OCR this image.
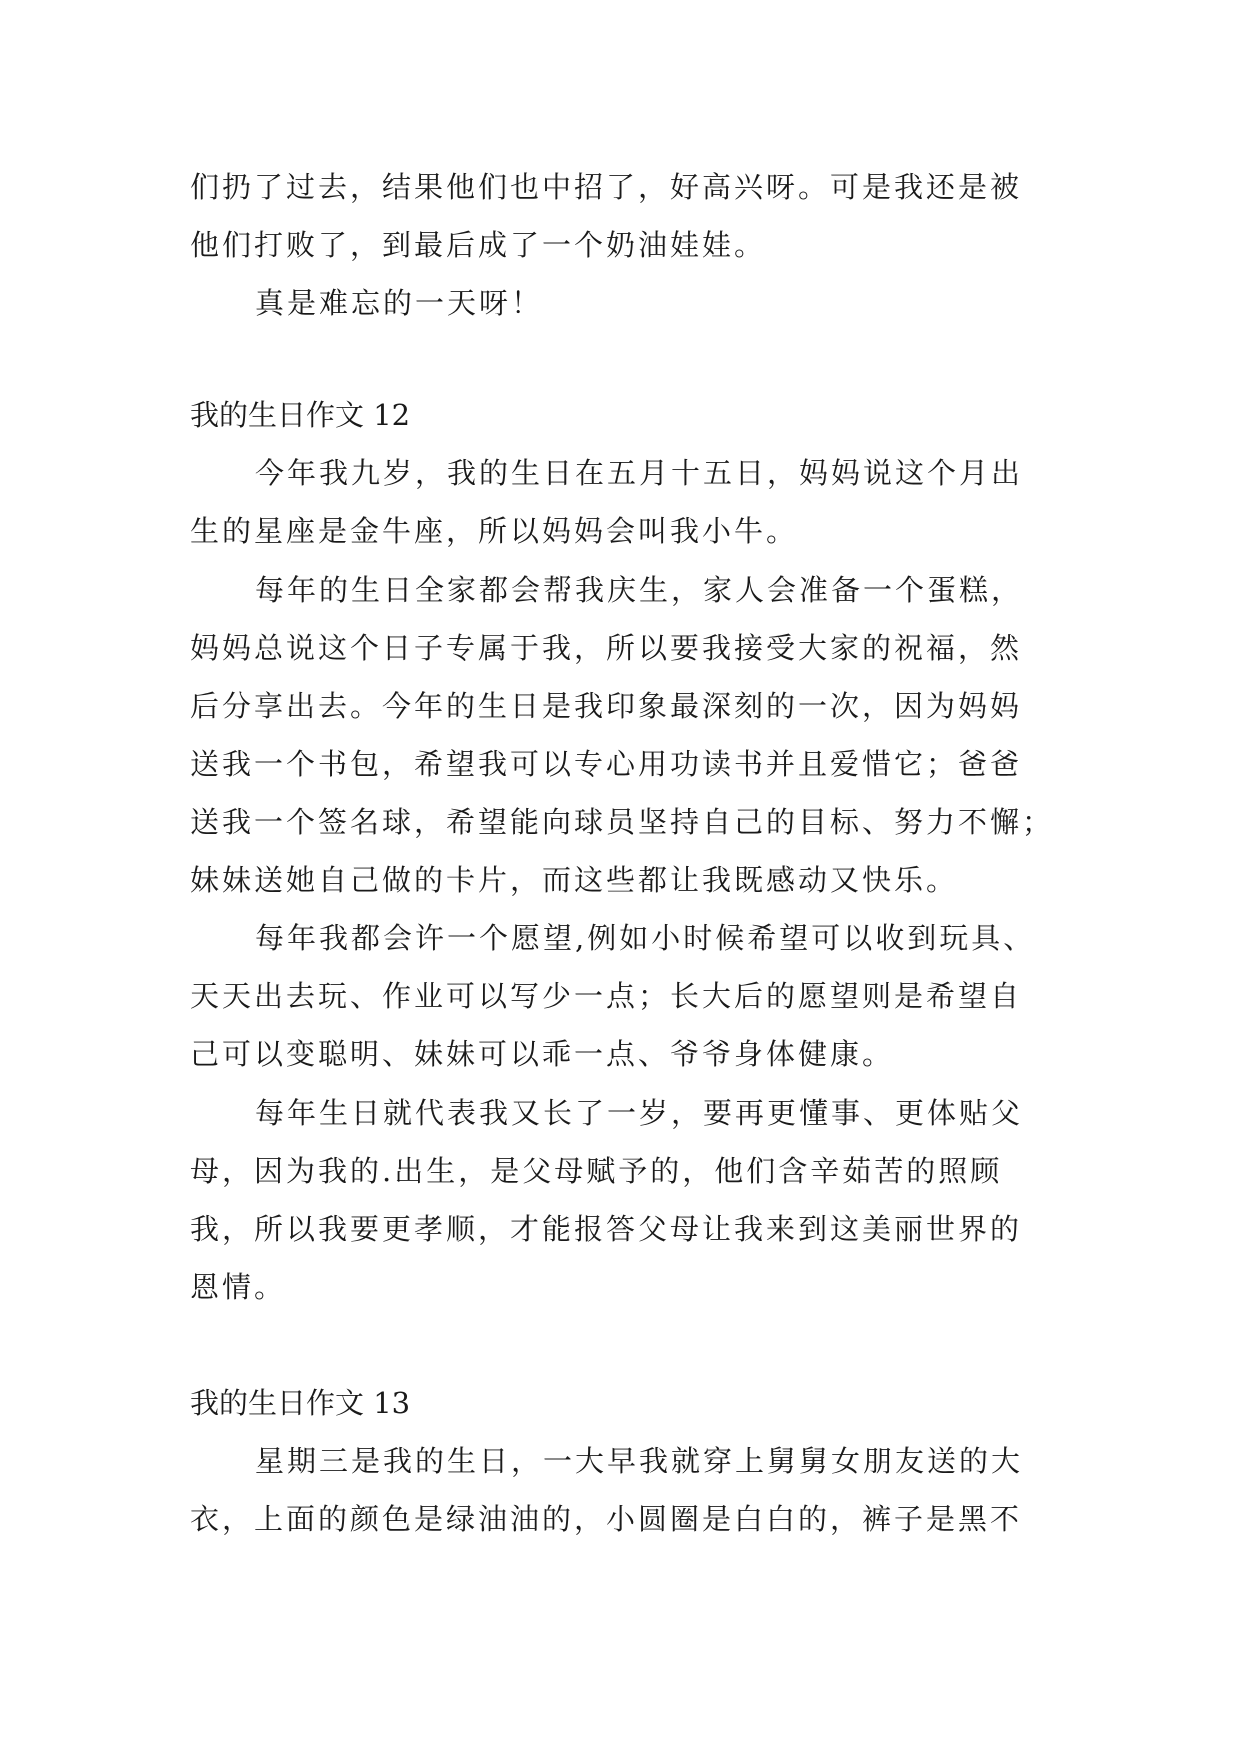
们扔了过去，结果他们也中招了，好高兴呀。可是我还是被
他们打败了，到最后成了一个奶油娃娃。
真是难忘的一天呀！
我的生日作文 12
今年我九岁，我的生日在五月十五日，妈妈说这个月出
生的星座是金牛座，所以妈妈会叫我小牛。
每年的生日全家都会帮我庆生，家人会准备一个蛋糕，
妈妈总说这个日子专属于我，所以要我接受大家的祝福，然
后分享出去。今年的生日是我印象最深刻的一次，因为妈妈
送我一个书包，希望我可以专心用功读书并且爱惜它；爸爸
送我一个签名球，希望能向球员坚持自己的目标、努力不懈；
妹妹送她自己做的卡片，而这些都让我既感动又快乐。
每年我都会许一个愿望,例如小时候希望可以收到玩具、
天天出去玩、作业可以写少一点；长大后的愿望则是希望自
己可以变聪明、妹妹可以乖一点、爷爷身体健康。
每年生日就代表我又长了一岁，要再更懂事、更体贴父
母，因为我的.出生，是父母赋予的，他们含辛茹苦的照顾
我，所以我要更孝顺，才能报答父母让我来到这美丽世界的
恩情。
我的生日作文 13
星期三是我的生日，一大早我就穿上舅舅女朋友送的大
衣，上面的颜色是绿油油的，小圆圈是白白的，裤子是黑不
